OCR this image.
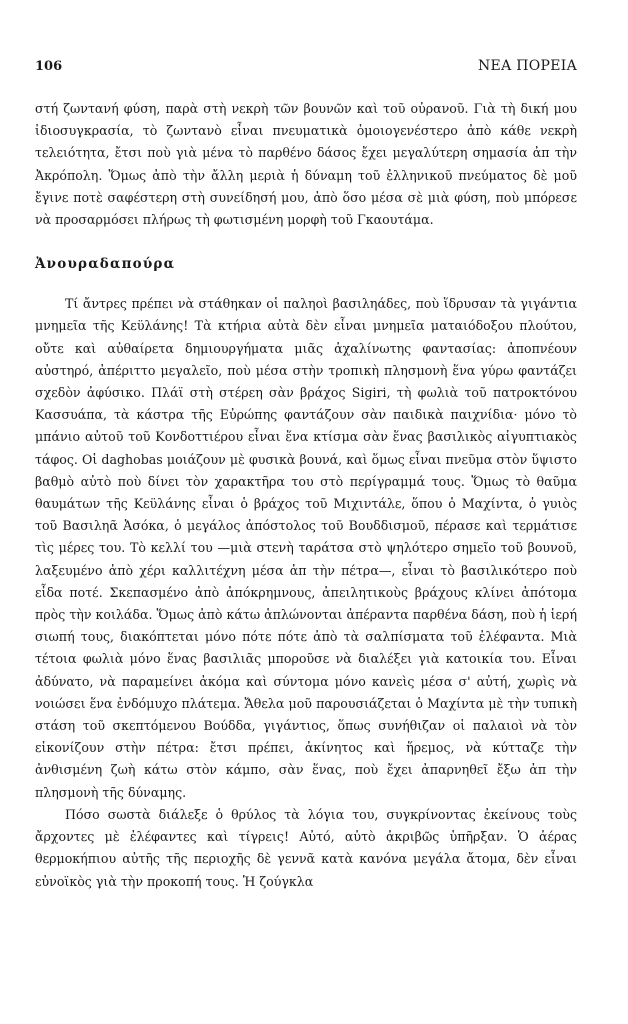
106	ΝΕΑ ΠΟΡΕΙΑ

στή ζωντανή φύση, παρὰ στὴ νεκρὴ τῶν βουνῶν καὶ τοῦ οὐρανοῦ. Γιὰ τὴ δική μου ἰδιοσυγκρασία, τὸ ζωντανὸ εἶναι πνευματικὰ ὁμοιογενέστερο ἀπὸ κάθε νεκρὴ τελειότητα, ἔτσι ποὺ γιὰ μένα τὸ παρθένο δάσος ἔχει μεγαλύτερη σημασία ἀπ τὴν Ἀκρόπολη. Ὅμως ἀπὸ τὴν ἄλλη μεριὰ ἡ δύναμη τοῦ ἐλληνικοῦ πνεύματος δὲ μοῦ ἔγινε ποτὲ σαφέστερη στὴ συνείδησή μου, ἀπὸ ὅσο μέσα σὲ μιὰ φύση, ποὺ μπόρεσε νὰ προσαρμόσει πλήρως τὴ φωτισμένη μορφὴ τοῦ Γκαουτάμα.

Ἀνουραδαπούρα

Τί ἄντρες πρέπει νὰ στάθηκαν οἱ παληοὶ βασιληάδες, ποὺ ἵδρυσαν τὰ γιγάντια μνημεῖα τῆς Κεϋλάνης! Τὰ κτήρια αὐτὰ δὲν εἶναι μνημεῖα ματαιόδοξου πλούτου, οὔτε καὶ αὐθαίρετα δημιουργήματα μιᾶς ἀχαλίνωτης φαντασίας: ἀποπνέουν αὐστηρό, ἀπέριττο μεγαλεῖο, ποὺ μέσα στὴν τροπικὴ πλησμονὴ ἕνα γύρω φαντάζει σχεδὸν ἀφύσικο. Πλάϊ στὴ στέρεη σὰν βράχος Sigiri, τὴ φωλιὰ τοῦ πατροκτόνου Κασσυάπα, τὰ κάστρα τῆς Εὐρώπης φαντάζουν σὰν παιδικὰ παιχνίδια· μόνο τὸ μπάνιο αὐτοῦ τοῦ Κονδοττιέρου εἶναι ἕνα κτίσμα σὰν ἕνας βασιλικὸς αἰγυπτιακὸς τάφος. Οἱ daghobas μοιάζουν μὲ φυσικὰ βουνά, καὶ ὅμως εἶναι πνεῦμα στὸν ὕψιστο βαθμὸ αὐτὸ ποὺ δίνει τὸν χαρακτῆρα του στὸ περίγραμμά τους. Ὅμως τὸ θαῦμα θαυμάτων τῆς Κεϋλάνης εἶναι ὁ βράχος τοῦ Μιχιντάλε, ὅπου ὁ Μαχίντα, ὁ γυιὸς τοῦ Βασιληᾶ Ἀσόκα, ὁ μεγάλος ἀπόστολος τοῦ Βουδδισμοῦ, πέρασε καὶ τερμάτισε τὶς μέρες του. Τὸ κελλί του —μιὰ στενὴ ταράτσα στὸ ψηλότερο σημεῖο τοῦ βουνοῦ, λαξευμένο ἀπὸ χέρι καλλιτέχνη μέσα ἀπ τὴν πέτρα—, εἶναι τὸ βασιλικότερο ποὺ εἶδα ποτέ. Σκεπασμένο ἀπὸ ἀπόκρημνους, ἀπειλητικοὺς βράχους κλίνει ἀπότομα πρὸς τὴν κοιλάδα. Ὅμως ἀπὸ κάτω ἁπλώνονται ἀπέραντα παρθένα δάση, ποὺ ἡ ἱερή σιωπή τους, διακόπτεται μόνο πότε πότε ἀπὸ τὰ σαλπίσματα τοῦ ἐλέφαντα. Μιὰ τέτοια φωλιὰ μόνο ἕνας βασιλιᾶς μποροῦσε νὰ διαλέξει γιὰ κατοικία του. Εἶναι ἀδύνατο, νὰ παραμείνει ἀκόμα καὶ σύντομα μόνο κανεὶς μέσα σ' αὐτή, χωρὶς νὰ νοιώσει ἕνα ἐνδόμυχο πλάτεμα. Ἄθελα μοῦ παρουσιάζεται ὁ Μαχίντα μὲ τὴν τυπικὴ στάση τοῦ σκεπτόμενου Βούδδα, γιγάντιος, ὅπως συνήθιζαν οἱ παλαιοὶ νὰ τὸν εἰκονίζουν στὴν πέτρα: ἔτσι πρέπει, ἀκίνητος καὶ ἥρεμος, νὰ κύτταζε τὴν ἀνθισμένη ζωὴ κάτω στὸν κάμπο, σὰν ἕνας, ποὺ ἔχει ἀπαρνηθεῖ ἔξω ἀπ τὴν πλησμονὴ τῆς δύναμης.

Πόσο σωστὰ διάλεξε ὁ θρύλος τὰ λόγια του, συγκρίνοντας ἐκείνους τοὺς ἄρχοντες μὲ ἐλέφαντες καὶ τίγρεις! Αὐτό, αὐτὸ ἀκριβῶς ὑπῆρξαν. Ὁ ἀέρας θερμοκήπιου αὐτῆς τῆς περιοχῆς δὲ γεννᾶ κατὰ κανόνα μεγάλα ἄτομα, δὲν εἶναι εὐνοϊκὸς γιὰ τὴν προκοπή τους. Ἡ ζούγκλα
